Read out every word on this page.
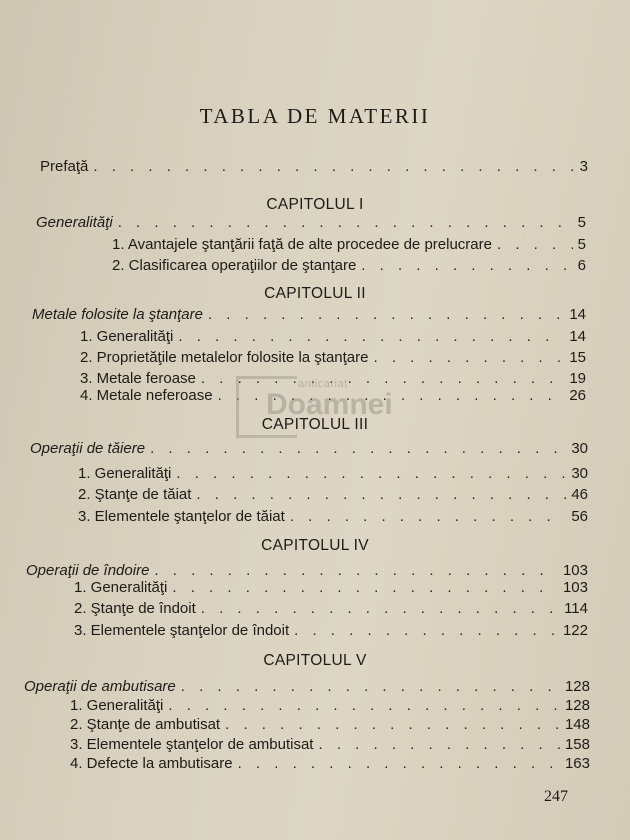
TABLA DE MATERII
Prefaţă . . .	3
CAPITOLUL I
Generalităţi . . .	5
1. Avantajele ştanţării faţă de alte procedee de prelucrare . . .	5
2. Clasificarea operaţiilor de ştanţare . . .	6
CAPITOLUL II
Metale folosite la ştanţare . . .	14
1. Generalităţi . . .	14
2. Proprietăţile metalelor folosite la ştanţare . . .	15
3. Metale feroase . . .	19
4. Metale neferoase . . .	26
CAPITOLUL III
Operaţii de tăiere . . .	30
1. Generalităţi . . .	30
2. Ştanţe de tăiat . . .	46
3. Elementele ştanţelor de tăiat . . .	56
CAPITOLUL IV
Operaţii de îndoire . . .	103
1. Generalităţi . . .	103
2. Ştanţe de îndoit . . .	114
3. Elementele ştanţelor de îndoit . . .	122
CAPITOLUL V
Operaţii de ambutisare . . .	128
1. Generalităţi . . .	128
2. Ştanţe de ambutisat . . .	148
3. Elementele ştanţelor de ambutisat . . .	158
4. Defecte la ambutisare . . .	163
247
anticariat
Doamnei
